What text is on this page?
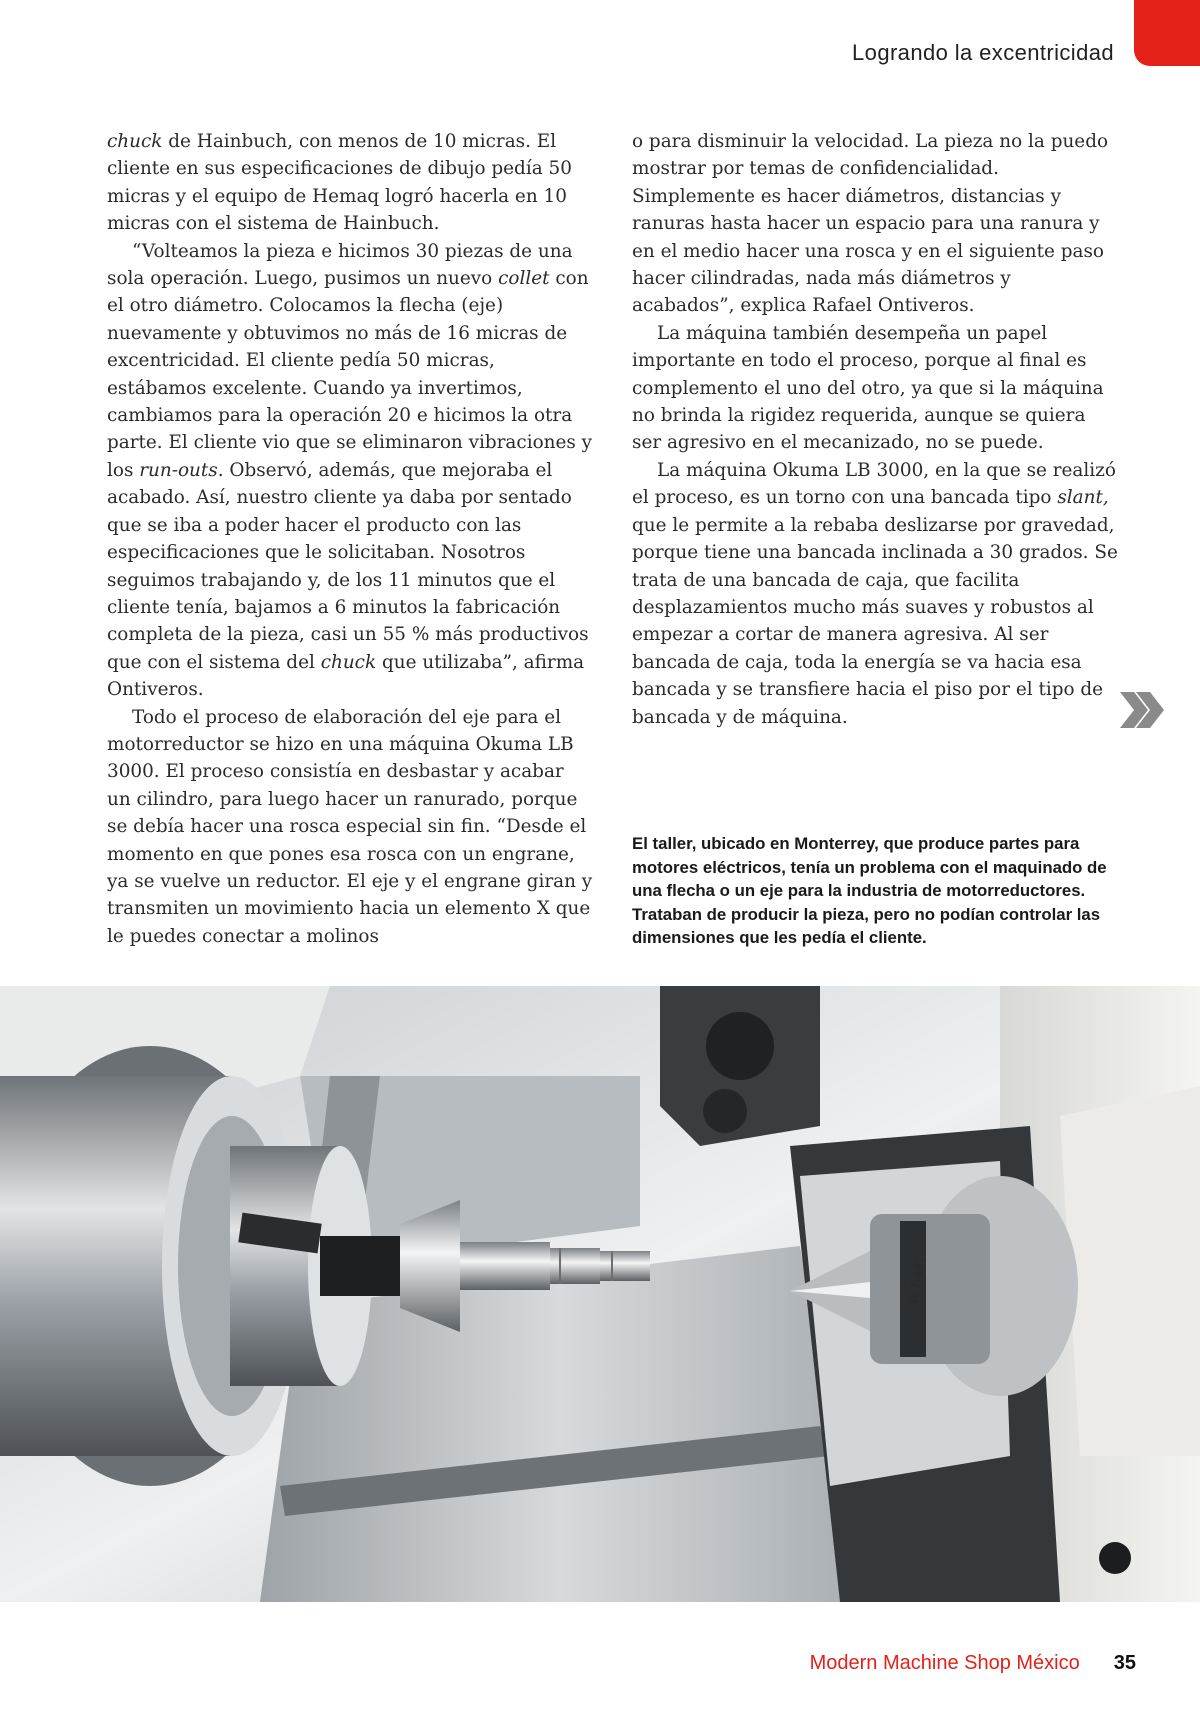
Logrando la excentricidad

chuck de Hainbuch, con menos de 10 micras. El cliente en sus especificaciones de dibujo pedía 50 micras y el equipo de Hemaq logró hacerla en 10 micras con el sistema de Hainbuch.

“Volteamos la pieza e hicimos 30 piezas de una sola operación. Luego, pusimos un nuevo collet con el otro diámetro. Colocamos la flecha (eje) nuevamente y obtuvimos no más de 16 micras de excentricidad. El cliente pedía 50 micras, estábamos excelente. Cuando ya invertimos, cambiamos para la operación 20 e hicimos la otra parte. El cliente vio que se eliminaron vibraciones y los run-outs. Observó, además, que mejoraba el acabado. Así, nuestro cliente ya daba por sentado que se iba a poder hacer el producto con las especificaciones que le solicitaban. Nosotros seguimos trabajando y, de los 11 minutos que el cliente tenía, bajamos a 6 minutos la fabricación completa de la pieza, casi un 55 % más productivos que con el sistema del chuck que utilizaba”, afirma Ontiveros.

Todo el proceso de elaboración del eje para el motorreductor se hizo en una máquina Okuma LB 3000. El proceso consistía en desbastar y acabar un cilindro, para luego hacer un ranurado, porque se debía hacer una rosca especial sin fin. “Desde el momento en que pones esa rosca con un engrane, ya se vuelve un reductor. El eje y el engrane giran y transmiten un movimiento hacia un elemento X que le puedes conectar a molinos

o para disminuir la velocidad. La pieza no la puedo mostrar por temas de confidencialidad. Simplemente es hacer diámetros, distancias y ranuras hasta hacer un espacio para una ranura y en el medio hacer una rosca y en el siguiente paso hacer cilindradas, nada más diámetros y acabados”, explica Rafael Ontiveros.

La máquina también desempeña un papel importante en todo el proceso, porque al final es complemento el uno del otro, ya que si la máquina no brinda la rigidez requerida, aunque se quiera ser agresivo en el mecanizado, no se puede.

La máquina Okuma LB 3000, en la que se realizó el proceso, es un torno con una bancada tipo slant, que le permite a la rebaba deslizarse por gravedad, porque tiene una bancada inclinada a 30 grados. Se trata de una bancada de caja, que facilita desplazamientos mucho más suaves y robustos al empezar a cortar de manera agresiva. Al ser bancada de caja, toda la energía se va hacia esa bancada y se transfiere hacia el piso por el tipo de bancada y de máquina.

El taller, ubicado en Monterrey, que produce partes para motores eléctricos, tenía un problema con el maquinado de una flecha o un eje para la industria de motorreductores. Trataban de producir la pieza, pero no podían controlar las dimensiones que les pedía el cliente.
R-5487
Modern Machine Shop México 35
